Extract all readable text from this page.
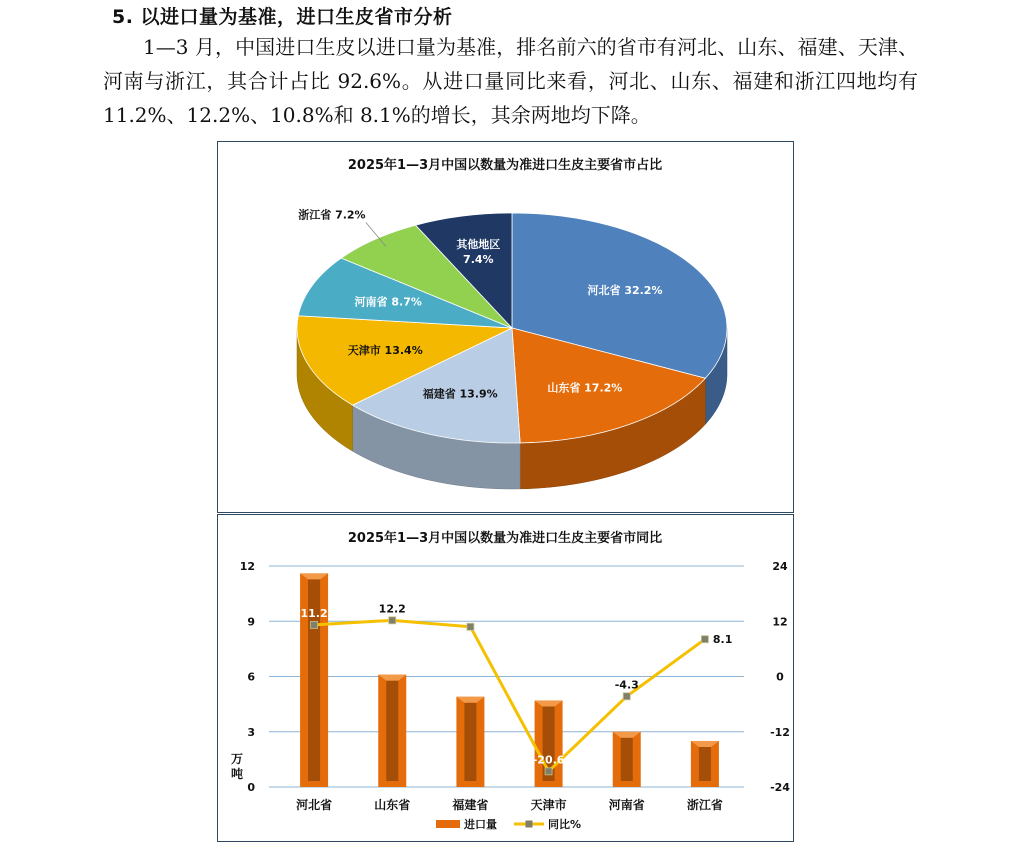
5. 以进口量为基准，进口生皮省市分析
1—3 月，中国进口生皮以进口量为基准，排名前六的省市有河北、山东、福建、天津、河南与浙江，其合计占比 92.6%。从进口量同比来看，河北、山东、福建和浙江四地均有 11.2%、12.2%、10.8%和 8.1%的增长，其余两地均下降。
2025年1—3月中国以数量为准进口生皮主要省市占比
河北省 32.2%
山东省 17.2%
福建省 13.9%
天津市 13.4%
河南省 8.7%
浙江省 7.2%
其他地区
7.4%
2025年1—3月中国以数量为准进口生皮主要省市同比
0
3
6
9
12
-24
-12
0
12
24
11.2	12.2	10.8
-20.6
-4.3
8.1
河北省	山东省	福建省	天津市	河南省	浙江省
万
吨
进口量	同比%
